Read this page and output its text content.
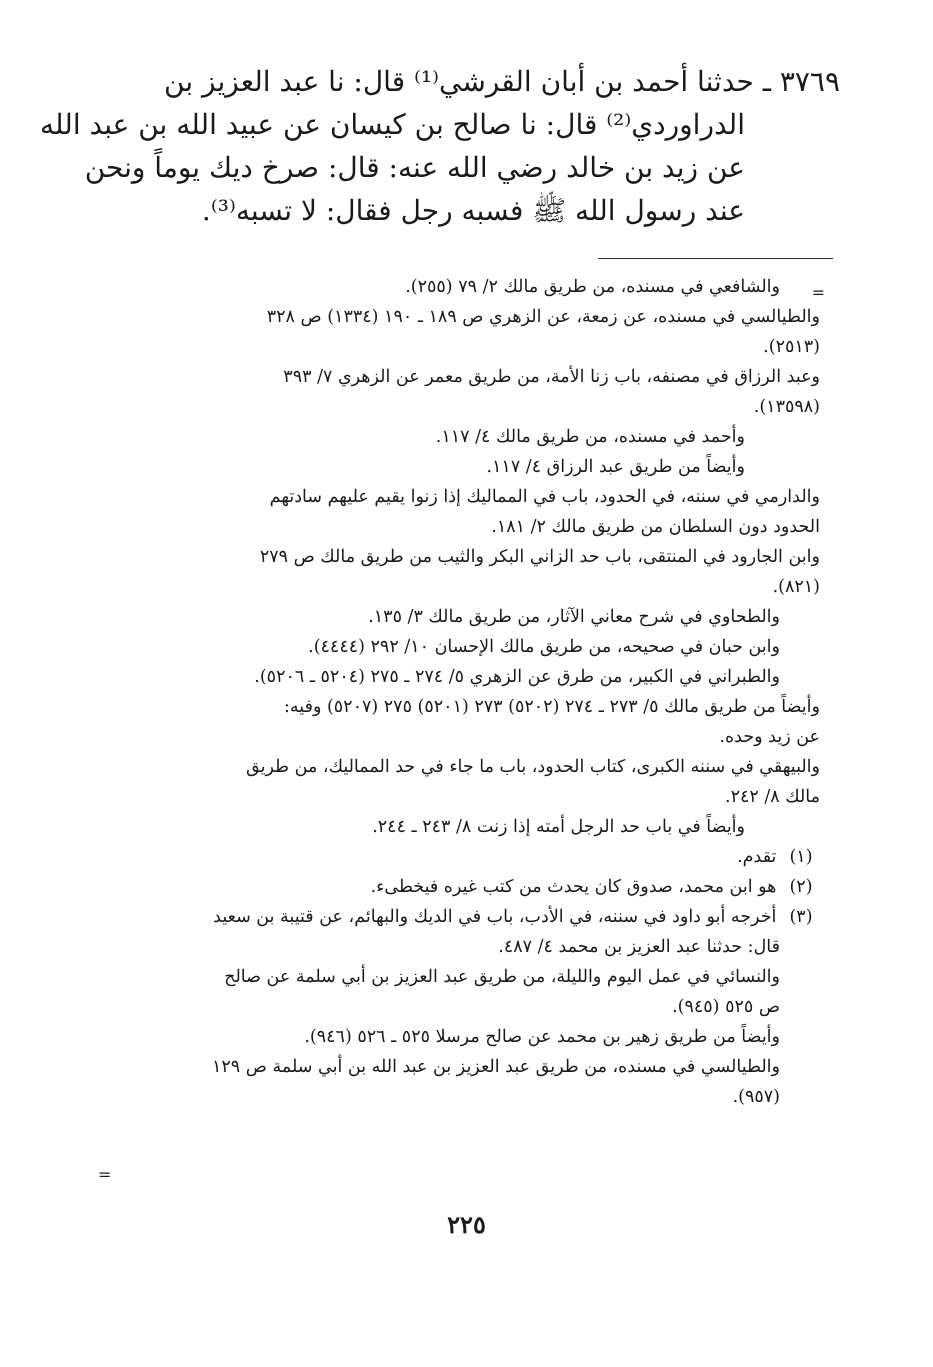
٣٧٦٩ ـ حدثنا أحمد بن أبان القرشي⁽¹⁾ قال: نا عبد العزيز بن
الدراوردي⁽²⁾ قال: نا صالح بن كيسان عن عبيد الله بن عبد الله
عن زيد بن خالد رضي الله عنه: قال: صرخ ديك يوماً ونحن
عند رسول الله ﷺ فسبه رجل فقال: لا تسبه⁽³⁾.
=
والشافعي في مسنده، من طريق مالك ٢/ ٧٩ (٢٥٥).
والطيالسي في مسنده، عن زمعة، عن الزهري ص ١٨٩ ـ ١٩٠ (١٣٣٤) ص ٣٢٨
(٢٥١٣).
وعبد الرزاق في مصنفه، باب زنا الأمة، من طريق معمر عن الزهري ٧/ ٣٩٣
(١٣٥٩٨).
وأحمد في مسنده، من طريق مالك ٤/ ١١٧.
وأيضاً من طريق عبد الرزاق ٤/ ١١٧.
والدارمي في سننه، في الحدود، باب في المماليك إذا زنوا يقيم عليهم سادتهم
الحدود دون السلطان من طريق مالك ٢/ ١٨١.
وابن الجارود في المنتقى، باب حد الزاني البكر والثيب من طريق مالك ص ٢٧٩
(٨٢١).
والطحاوي في شرح معاني الآثار، من طريق مالك ٣/ ١٣٥.
وابن حبان في صحيحه، من طريق مالك الإحسان ١٠/ ٢٩٢ (٤٤٤٤).
والطبراني في الكبير، من طرق عن الزهري ٥/ ٢٧٤ ـ ٢٧٥ (٥٢٠٤ ـ ٥٢٠٦).
وأيضاً من طريق مالك ٥/ ٢٧٣ ـ ٢٧٤ (٥٢٠٢) ٢٧٣ (٥٢٠١) ٢٧٥ (٥٢٠٧) وفيه:
عن زيد وحده.
والبيهقي في سننه الكبرى، كتاب الحدود، باب ما جاء في حد المماليك، من طريق
مالك ٨/ ٢٤٢.
وأيضاً في باب حد الرجل أمته إذا زنت ٨/ ٢٤٣ ـ ٢٤٤.
(١) تقدم.
(٢) هو ابن محمد، صدوق كان يحدث من كتب غيره فيخطىء.
(٣) أخرجه أبو داود في سننه، في الأدب، باب في الديك والبهائم، عن قتيبة بن سعيد
قال: حدثنا عبد العزيز بن محمد ٤/ ٤٨٧.
والنسائي في عمل اليوم والليلة، من طريق عبد العزيز بن أبي سلمة عن صالح
ص ٥٢٥ (٩٤٥).
وأيضاً من طريق زهير بن محمد عن صالح مرسلا ٥٢٥ ـ ٥٢٦ (٩٤٦).
والطيالسي في مسنده، من طريق عبد العزيز بن عبد الله بن أبي سلمة ص ١٢٩
(٩٥٧).
=
٢٢٥
